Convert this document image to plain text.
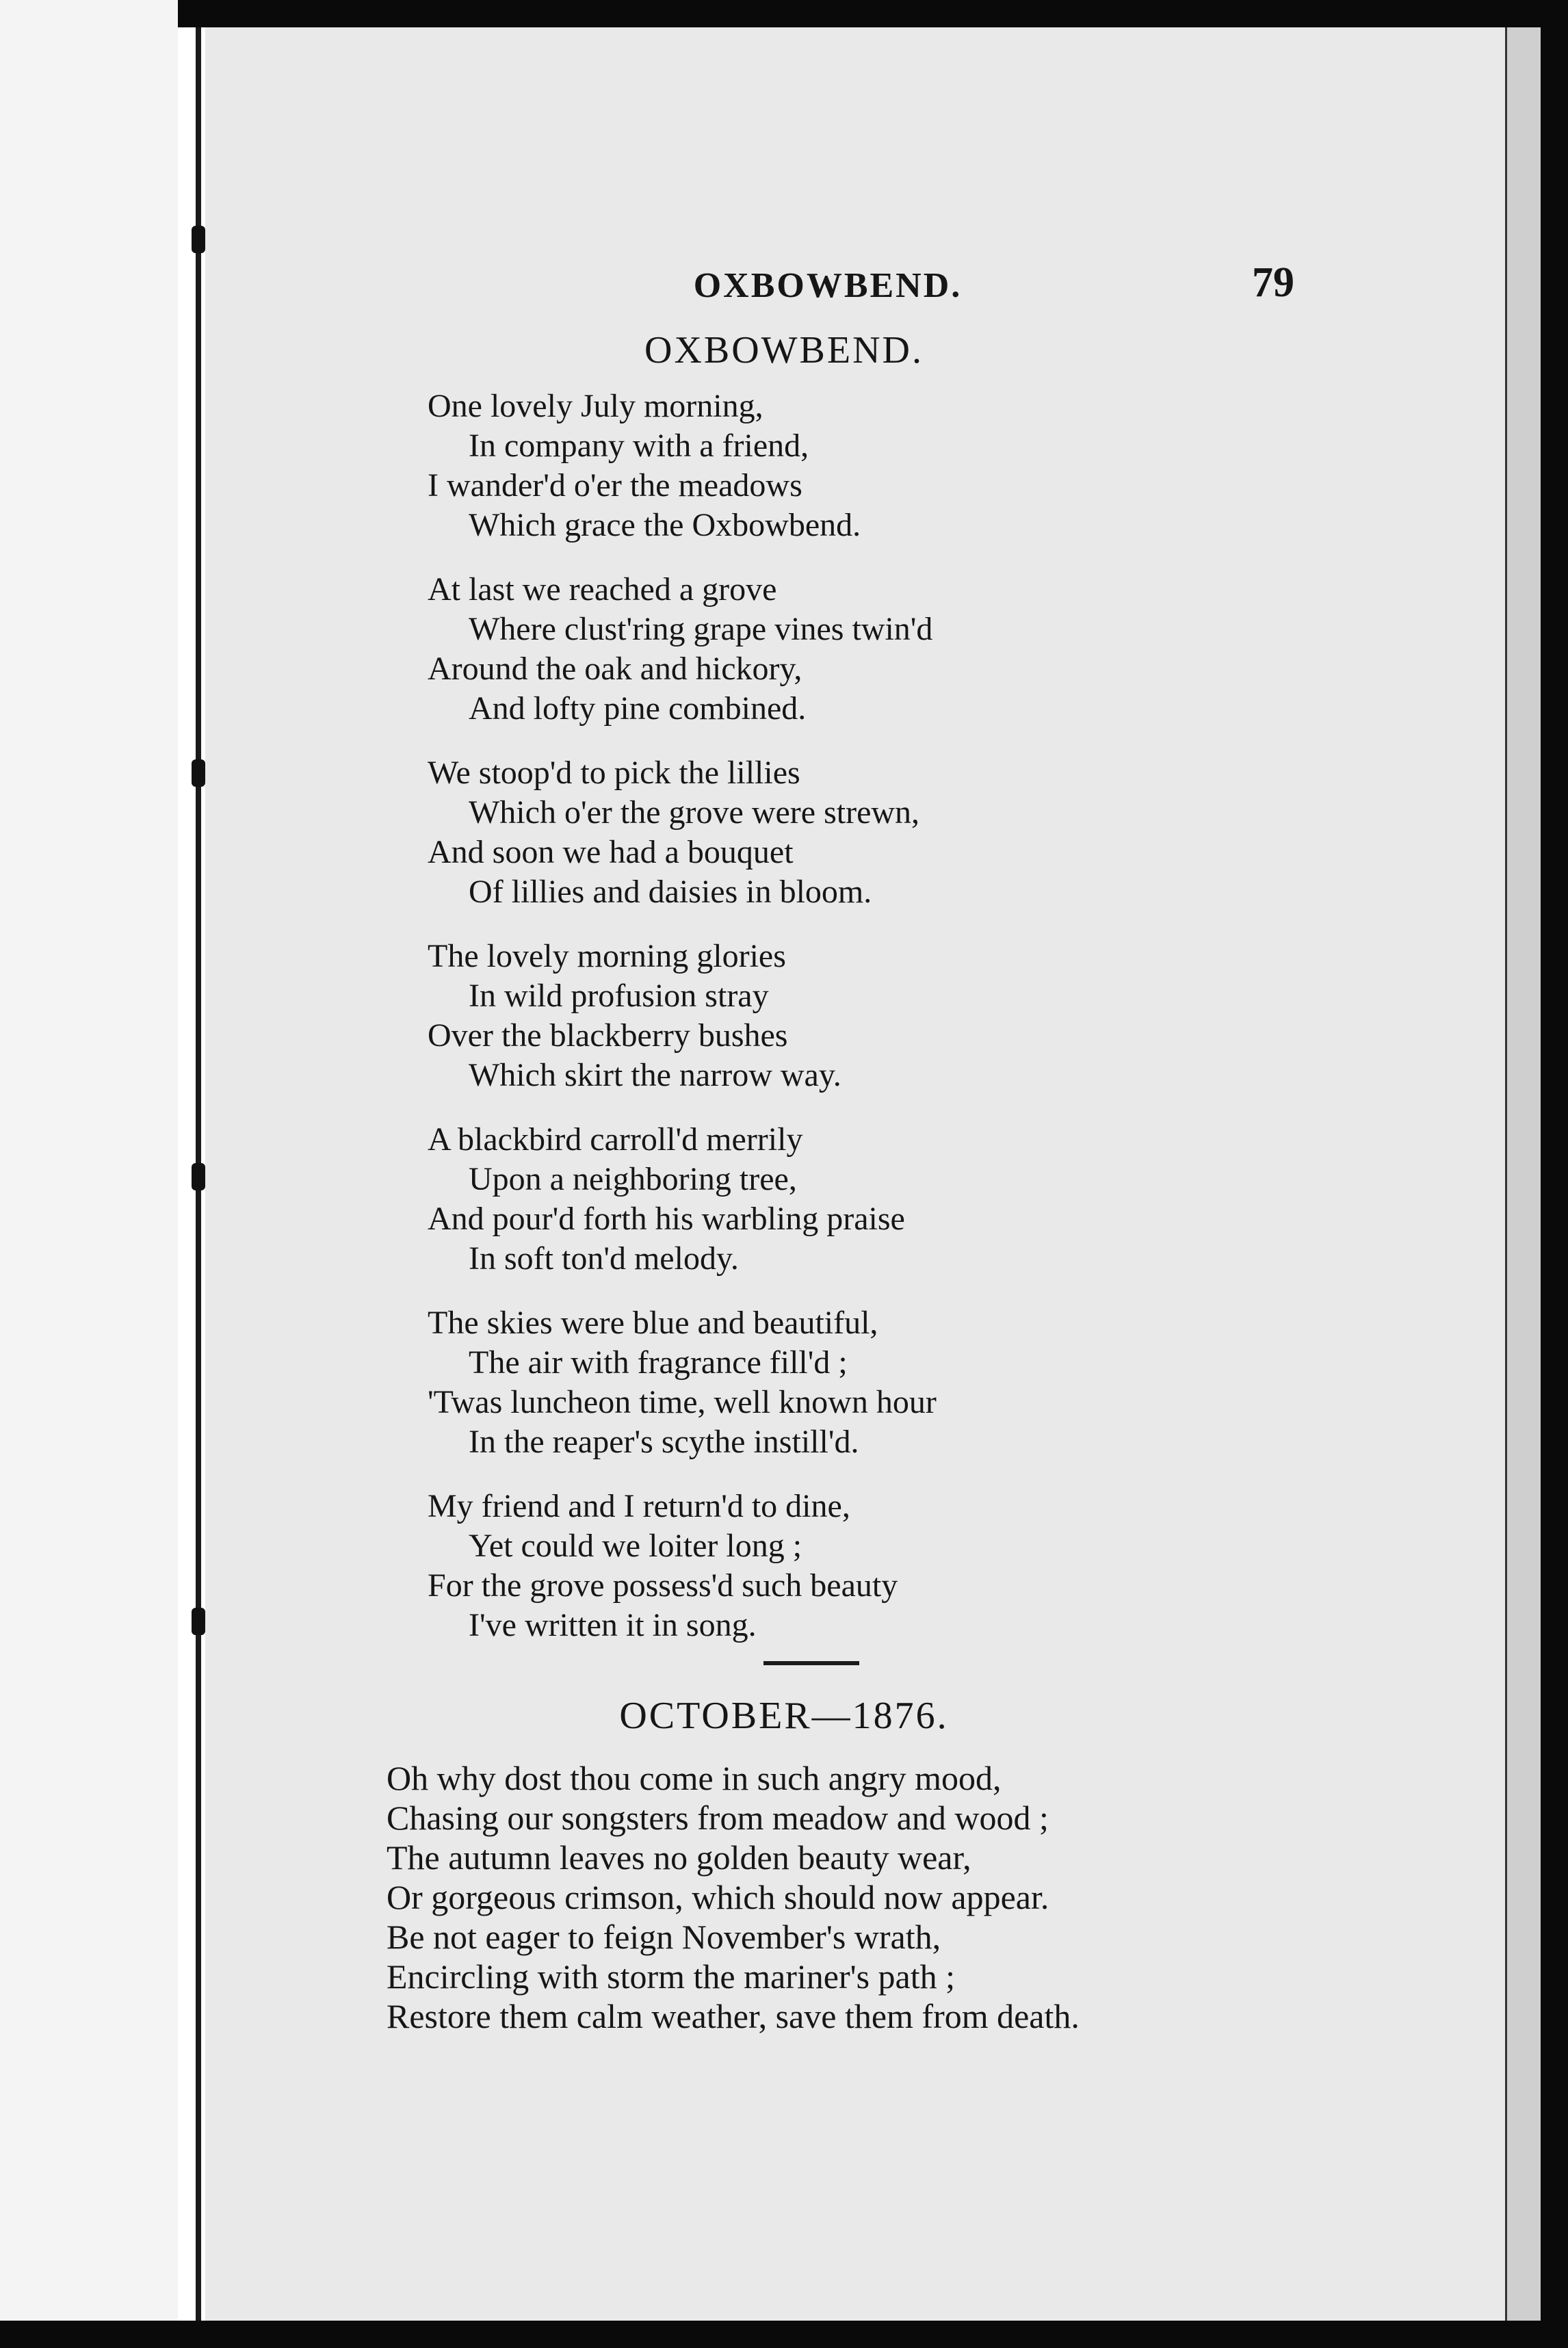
OXBOWBEND.	79
OXBOWBEND.
One lovely July morning,
In company with a friend,
I wander'd o'er the meadows
Which grace the Oxbowbend.
At last we reached a grove
Where clust'ring grape vines twin'd
Around the oak and hickory,
And lofty pine combined.
We stoop'd to pick the lillies
Which o'er the grove were strewn,
And soon we had a bouquet
Of lillies and daisies in bloom.
The lovely morning glories
In wild profusion stray
Over the blackberry bushes
Which skirt the narrow way.
A blackbird carroll'd merrily
Upon a neighboring tree,
And pour'd forth his warbling praise
In soft ton'd melody.
The skies were blue and beautiful,
The air with fragrance fill'd ;
'Twas luncheon time, well known hour
In the reaper's scythe instill'd.
My friend and I return'd to dine,
Yet could we loiter long ;
For the grove possess'd such beauty
I've written it in song.
OCTOBER—1876.
Oh why dost thou come in such angry mood,
Chasing our songsters from meadow and wood ;
The autumn leaves no golden beauty wear,
Or gorgeous crimson, which should now appear.
Be not eager to feign November's wrath,
Encircling with storm the mariner's path ;
Restore them calm weather, save them from death.
